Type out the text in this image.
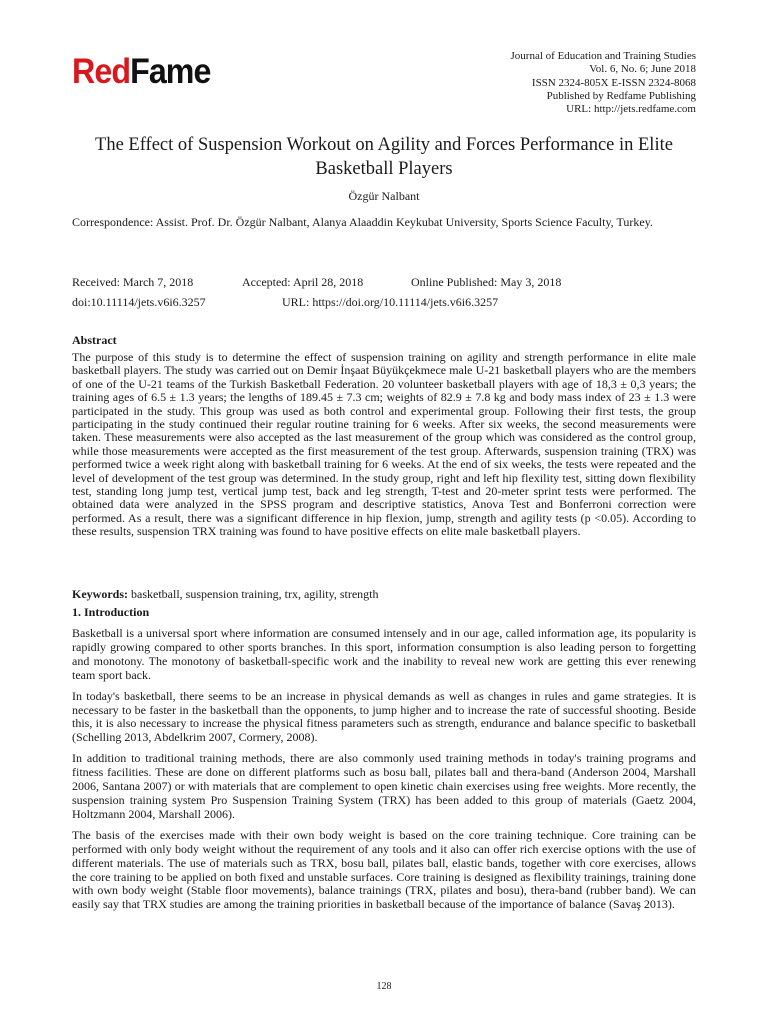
RedFame	Journal of Education and Training Studies
Vol. 6, No. 6; June 2018
ISSN 2324-805X E-ISSN 2324-8068
Published by Redfame Publishing
URL: http://jets.redfame.com
The Effect of Suspension Workout on Agility and Forces Performance in Elite Basketball Players
Özgür Nalbant
Correspondence: Assist. Prof. Dr. Özgür Nalbant, Alanya Alaaddin Keykubat University, Sports Science Faculty, Turkey.
Received: March 7, 2018	Accepted: April 28, 2018	Online Published: May 3, 2018
doi:10.11114/jets.v6i6.3257	URL: https://doi.org/10.11114/jets.v6i6.3257
Abstract
The purpose of this study is to determine the effect of suspension training on agility and strength performance in elite male basketball players. The study was carried out on Demir İnşaat Büyükçekmece male U-21 basketball players who are the members of one of the U-21 teams of the Turkish Basketball Federation. 20 volunteer basketball players with age of 18,3 ± 0,3 years; the training ages of 6.5 ± 1.3 years; the lengths of 189.45 ± 7.3 cm; weights of 82.9 ± 7.8 kg and body mass index of 23 ± 1.3 were participated in the study. This group was used as both control and experimental group. Following their first tests, the group participating in the study continued their regular routine training for 6 weeks. After six weeks, the second measurements were taken. These measurements were also accepted as the last measurement of the group which was considered as the control group, while those measurements were accepted as the first measurement of the test group. Afterwards, suspension training (TRX) was performed twice a week right along with basketball training for 6 weeks. At the end of six weeks, the tests were repeated and the level of development of the test group was determined. In the study group, right and left hip flexility test, sitting down flexibility test, standing long jump test, vertical jump test, back and leg strength, T-test and 20-meter sprint tests were performed. The obtained data were analyzed in the SPSS program and descriptive statistics, Anova Test and Bonferroni correction were performed. As a result, there was a significant difference in hip flexion, jump, strength and agility tests (p <0.05). According to these results, suspension TRX training was found to have positive effects on elite male basketball players.
Keywords: basketball, suspension training, trx, agility, strength
1. Introduction

Basketball is a universal sport where information are consumed intensely and in our age, called information age, its popularity is rapidly growing compared to other sports branches. In this sport, information consumption is also leading person to forgetting and monotony. The monotony of basketball-specific work and the inability to reveal new work are getting this ever renewing team sport back.

In today's basketball, there seems to be an increase in physical demands as well as changes in rules and game strategies. It is necessary to be faster in the basketball than the opponents, to jump higher and to increase the rate of successful shooting. Beside this, it is also necessary to increase the physical fitness parameters such as strength, endurance and balance specific to basketball (Schelling 2013, Abdelkrim 2007, Cormery, 2008).

In addition to traditional training methods, there are also commonly used training methods in today's training programs and fitness facilities. These are done on different platforms such as bosu ball, pilates ball and thera-band (Anderson 2004, Marshall 2006, Santana 2007) or with materials that are complement to open kinetic chain exercises using free weights. More recently, the suspension training system Pro Suspension Training System (TRX) has been added to this group of materials (Gaetz 2004, Holtzmann 2004, Marshall 2006).

The basis of the exercises made with their own body weight is based on the core training technique. Core training can be performed with only body weight without the requirement of any tools and it also can offer rich exercise options with the use of different materials. The use of materials such as TRX, bosu ball, pilates ball, elastic bands, together with core exercises, allows the core training to be applied on both fixed and unstable surfaces. Core training is designed as flexibility trainings, training done with own body weight (Stable floor movements), balance trainings (TRX, pilates and bosu), thera-band (rubber band). We can easily say that TRX studies are among the training priorities in basketball because of the importance of balance (Savaş 2013).

128
